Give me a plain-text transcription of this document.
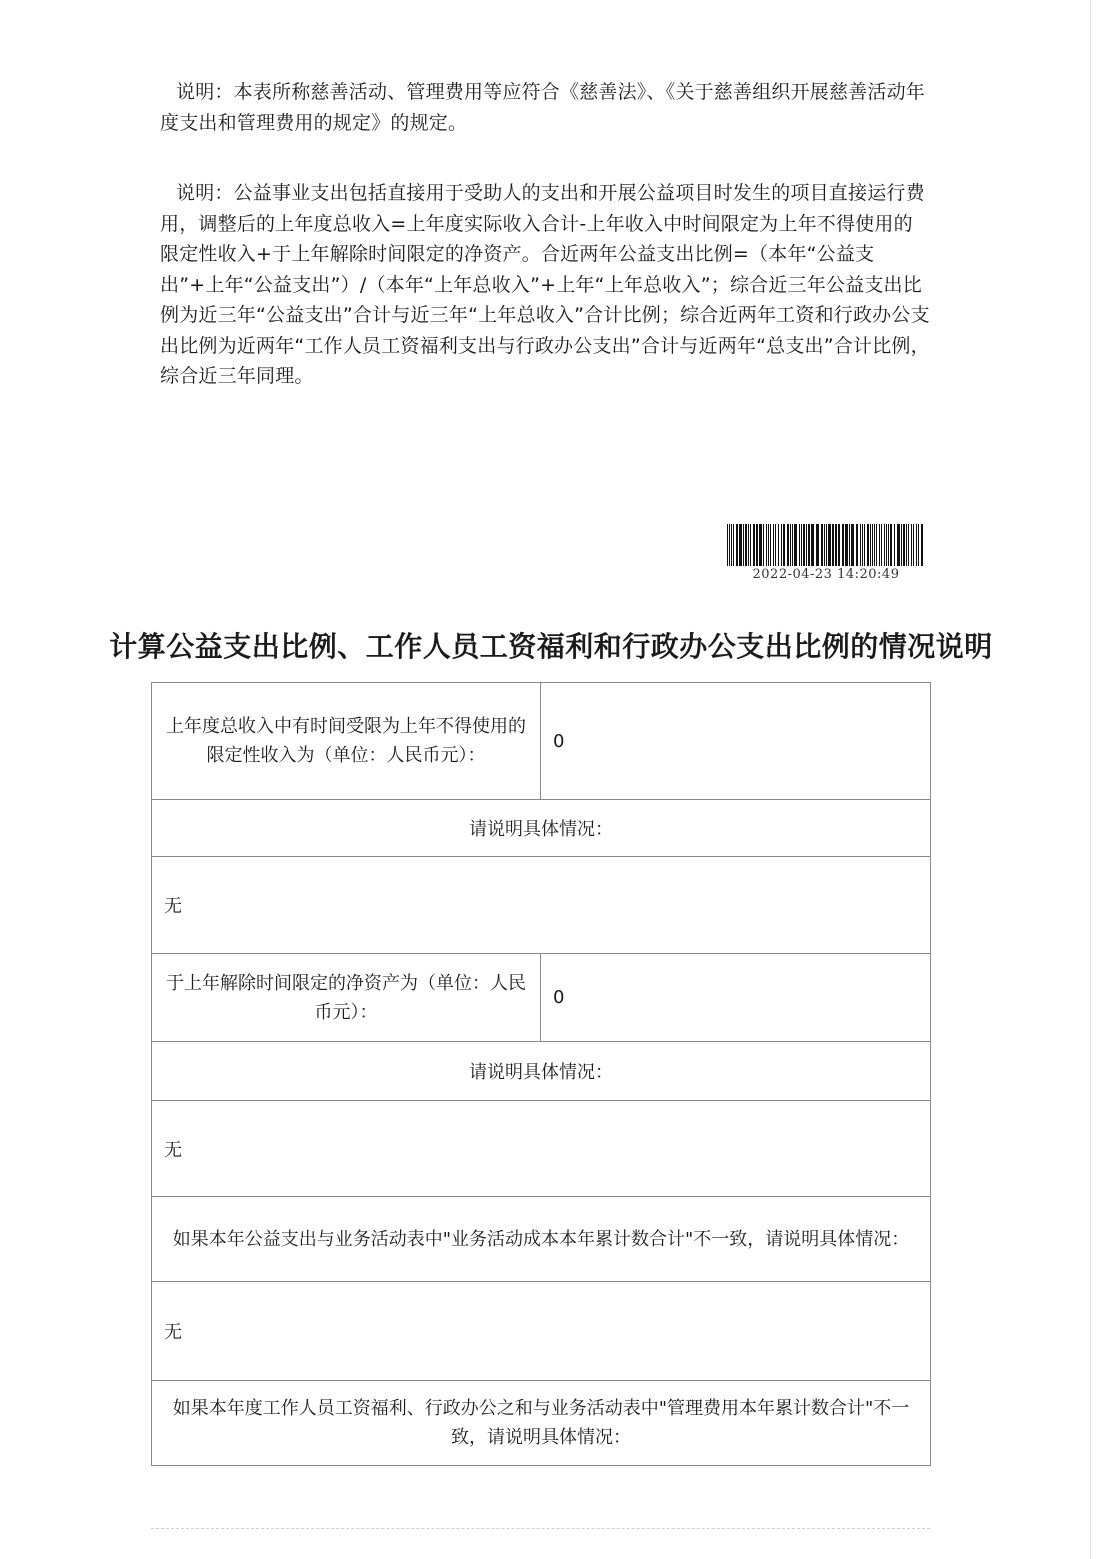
说明：本表所称慈善活动、管理费用等应符合《慈善法》、《关于慈善组织开展慈善活动年度支出和管理费用的规定》的规定。

说明：公益事业支出包括直接用于受助人的支出和开展公益项目时发生的项目直接运行费用，调整后的上年度总收入=上年度实际收入合计-上年收入中时间限定为上年不得使用的限定性收入+于上年解除时间限定的净资产。合近两年公益支出比例=（本年“公益支出”+上年“公益支出”）/（本年“上年总收入”+上年“上年总收入”；综合近三年公益支出比例为近三年“公益支出”合计与近三年“上年总收入”合计比例；综合近两年工资和行政办公支出比例为近两年“工作人员工资福利支出与行政办公支出”合计与近两年“总支出”合计比例，综合近三年同理。

2022-04-23 14:20:49
计算公益支出比例、工作人员工资福利和行政办公支出比例的情况说明
上年度总收入中有时间受限为上年不得使用的限定性收入为（单位：人民币元）：	0
请说明具体情况：	
无	
于上年解除时间限定的净资产为（单位：人民币元）：	0
请说明具体情况：	
无	
如果本年公益支出与业务活动表中"业务活动成本本年累计数合计"不一致，请说明具体情况：	
无	
如果本年度工作人员工资福利、行政办公之和与业务活动表中"管理费用本年累计数合计"不一致，请说明具体情况：	
